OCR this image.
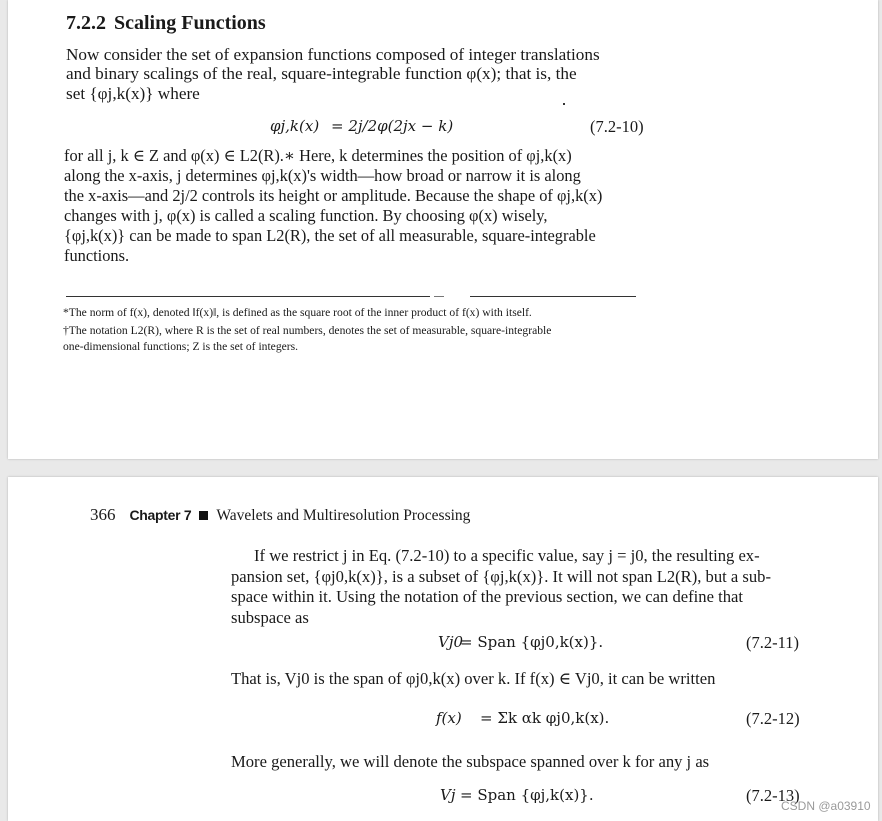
7.2.2 Scaling Functions
Now consider the set of expansion functions composed of integer translations
and binary scalings of the real, square-integrable function φ(x); that is, the
set {φj,k(x)} where
φj,k(x) = 2j/2φ(2jx − k)	(7.2-10)
for all j, k ∈ Z and φ(x) ∈ L2(R).∗ Here, k determines the position of φj,k(x)
along the x-axis, j determines φj,k(x)'s width—how broad or narrow it is along
the x-axis—and 2j/2 controls its height or amplitude. Because the shape of φj,k(x)
changes with j, φ(x) is called a scaling function. By choosing φ(x) wisely,
{φj,k(x)} can be made to span L2(R), the set of all measurable, square-integrable
functions.
*The norm of f(x), denoted ‖f(x)‖, is defined as the square root of the inner product of f(x) with itself.
†The notation L2(R), where R is the set of real numbers, denotes the set of measurable, square-integrable
one-dimensional functions; Z is the set of integers.
366 Chapter 7 Wavelets and Multiresolution Processing
If we restrict j in Eq. (7.2-10) to a specific value, say j = j0, the resulting ex-
pansion set, {φj0,k(x)}, is a subset of {φj,k(x)}. It will not span L2(R), but a sub-
space within it. Using the notation of the previous section, we can define that
subspace as
Vj0
= Span {φj0,k(x)}.	(7.2-11)
That is, Vj0 is the span of φj0,k(x) over k. If f(x) ∈ Vj0, it can be written
f(x) = Σk αk φj0,k(x).	(7.2-12)
More generally, we will denote the subspace spanned over k for any j as
Vj = Span {φj,k(x)}.	(7.2-13)
CSDN @a03910
